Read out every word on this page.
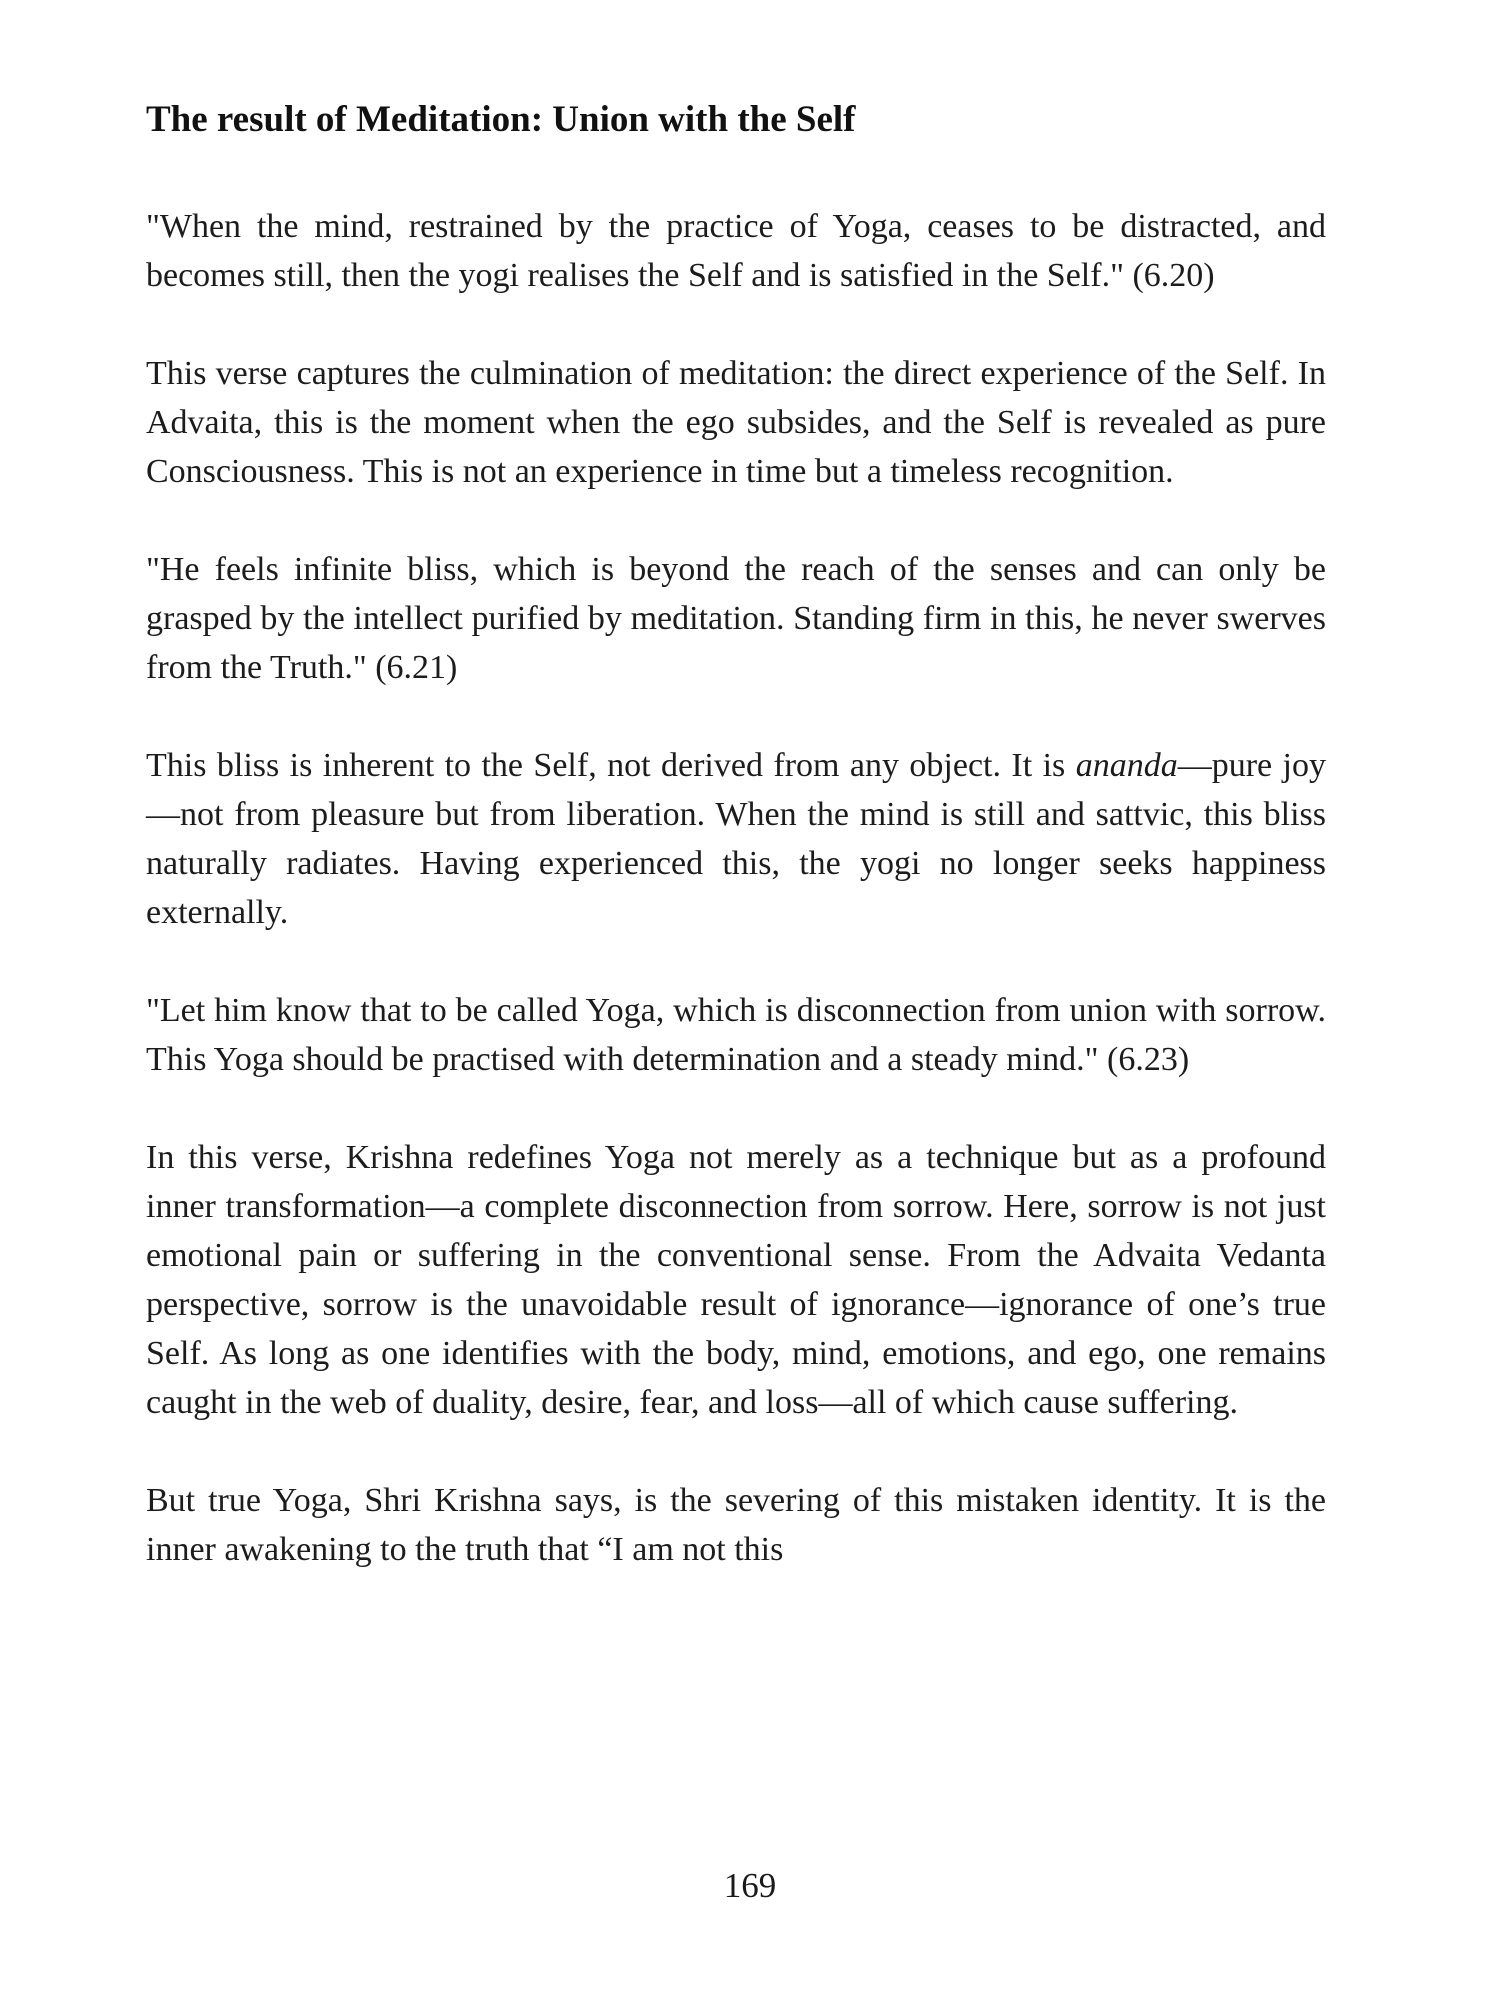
The result of Meditation: Union with the Self

"When the mind, restrained by the practice of Yoga, ceases to be distracted, and becomes still, then the yogi realises the Self and is satisfied in the Self." (6.20)

This verse captures the culmination of meditation: the direct experience of the Self. In Advaita, this is the moment when the ego subsides, and the Self is revealed as pure Consciousness. This is not an experience in time but a timeless recognition.

"He feels infinite bliss, which is beyond the reach of the senses and can only be grasped by the intellect purified by meditation. Standing firm in this, he never swerves from the Truth." (6.21)

This bliss is inherent to the Self, not derived from any object. It is ananda—pure joy—not from pleasure but from liberation. When the mind is still and sattvic, this bliss naturally radiates. Having experienced this, the yogi no longer seeks happiness externally.

"Let him know that to be called Yoga, which is disconnection from union with sorrow. This Yoga should be practised with determination and a steady mind." (6.23)

In this verse, Krishna redefines Yoga not merely as a technique but as a profound inner transformation—a complete disconnection from sorrow. Here, sorrow is not just emotional pain or suffering in the conventional sense. From the Advaita Vedanta perspective, sorrow is the unavoidable result of ignorance—ignorance of one’s true Self. As long as one identifies with the body, mind, emotions, and ego, one remains caught in the web of duality, desire, fear, and loss—all of which cause suffering.

But true Yoga, Shri Krishna says, is the severing of this mistaken identity. It is the inner awakening to the truth that “I am not this

169
